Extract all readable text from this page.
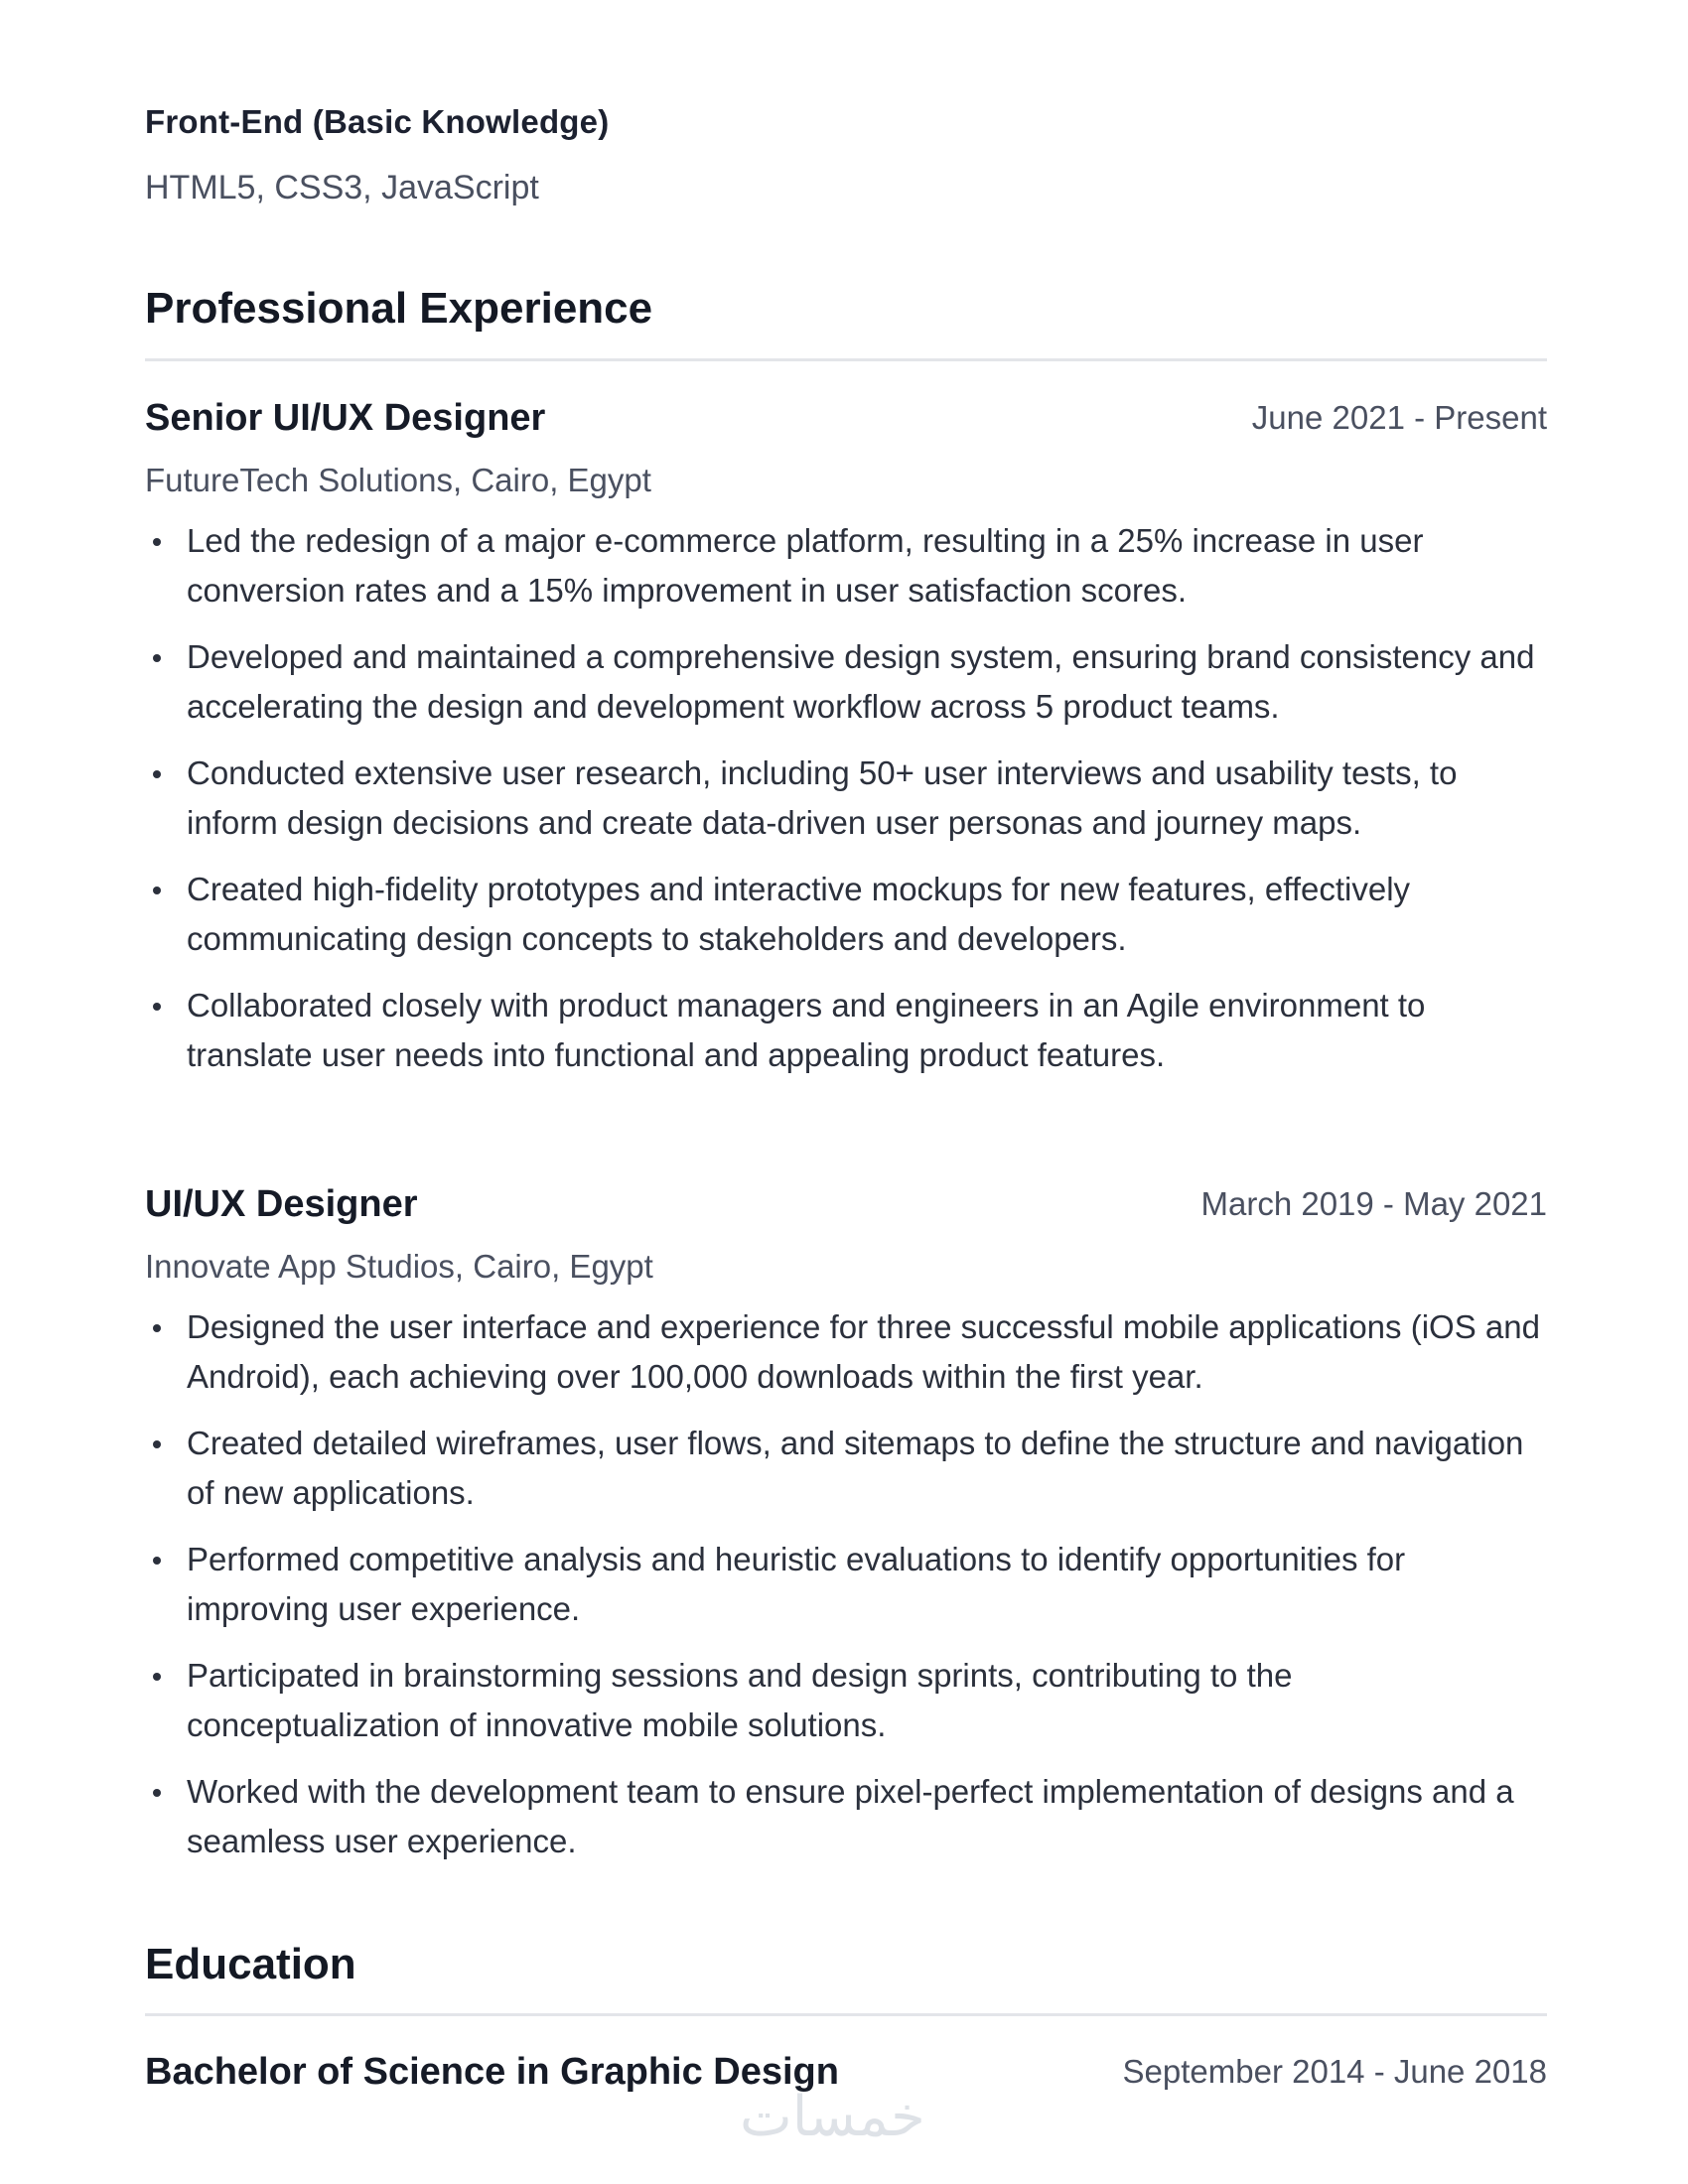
Front-End (Basic Knowledge)
HTML5, CSS3, JavaScript
Professional Experience
Senior UI/UX Designer	June 2021 - Present
FutureTech Solutions, Cairo, Egypt
Led the redesign of a major e-commerce platform, resulting in a 25% increase in user conversion rates and a 15% improvement in user satisfaction scores.
Developed and maintained a comprehensive design system, ensuring brand consistency and accelerating the design and development workflow across 5 product teams.
Conducted extensive user research, including 50+ user interviews and usability tests, to inform design decisions and create data-driven user personas and journey maps.
Created high-fidelity prototypes and interactive mockups for new features, effectively communicating design concepts to stakeholders and developers.
Collaborated closely with product managers and engineers in an Agile environment to translate user needs into functional and appealing product features.
UI/UX Designer	March 2019 - May 2021
Innovate App Studios, Cairo, Egypt
Designed the user interface and experience for three successful mobile applications (iOS and Android), each achieving over 100,000 downloads within the first year.
Created detailed wireframes, user flows, and sitemaps to define the structure and navigation of new applications.
Performed competitive analysis and heuristic evaluations to identify opportunities for improving user experience.
Participated in brainstorming sessions and design sprints, contributing to the conceptualization of innovative mobile solutions.
Worked with the development team to ensure pixel-perfect implementation of designs and a seamless user experience.
Education
Bachelor of Science in Graphic Design	September 2014 - June 2018
خمسات
